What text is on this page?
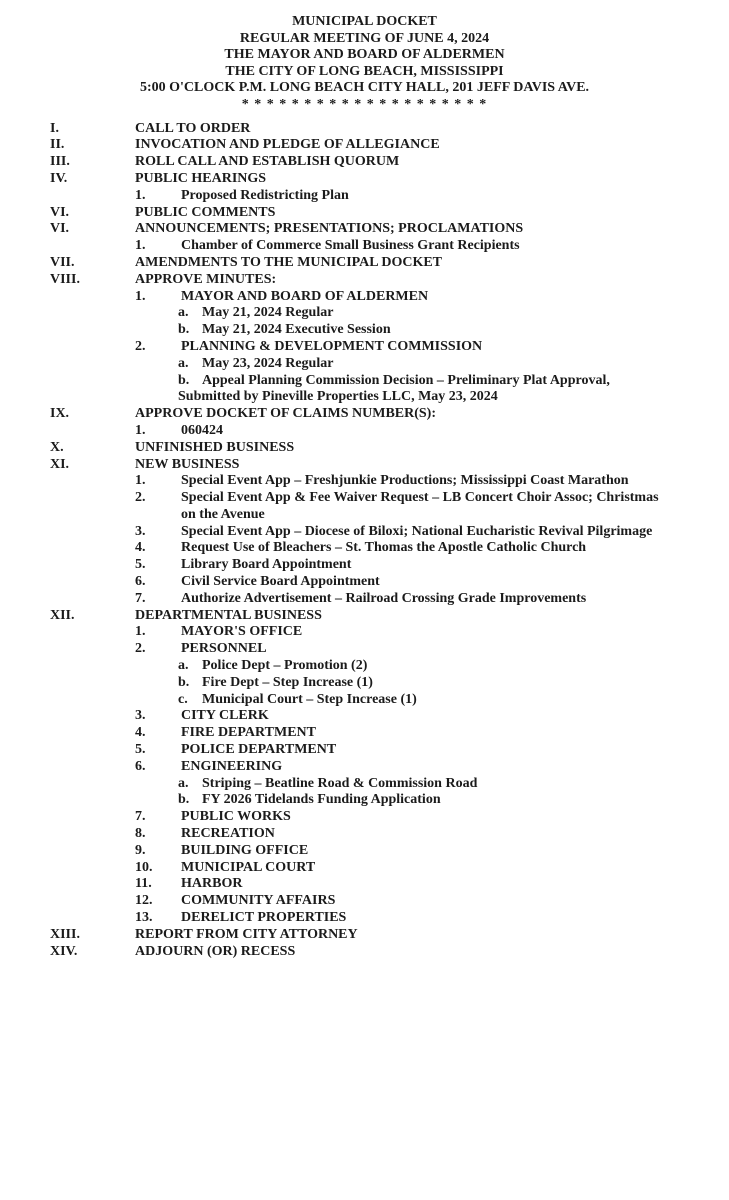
MUNICIPAL DOCKET
REGULAR MEETING OF JUNE 4, 2024
THE MAYOR AND BOARD OF ALDERMEN
THE CITY OF LONG BEACH, MISSISSIPPI
5:00 O'CLOCK P.M. LONG BEACH CITY HALL, 201 JEFF DAVIS AVE.
* * * * * * * * * * * * * * * * * * * *
I.	CALL TO ORDER
II.	INVOCATION AND PLEDGE OF ALLEGIANCE
III.	ROLL CALL AND ESTABLISH QUORUM
IV.	PUBLIC HEARINGS
1.	Proposed Redistricting Plan
VI.	PUBLIC COMMENTS
VI.	ANNOUNCEMENTS; PRESENTATIONS; PROCLAMATIONS
1.	Chamber of Commerce Small Business Grant Recipients
VII.	AMENDMENTS TO THE MUNICIPAL DOCKET
VIII.	APPROVE MINUTES:
1.	MAYOR AND BOARD OF ALDERMEN
a. May 21, 2024 Regular
b. May 21, 2024 Executive Session
2.	PLANNING & DEVELOPMENT COMMISSION
a. May 23, 2024 Regular
b. Appeal Planning Commission Decision – Preliminary Plat Approval,
Submitted by Pineville Properties LLC, May 23, 2024
IX.	APPROVE DOCKET OF CLAIMS NUMBER(S):
1.	060424
X.	UNFINISHED BUSINESS
XI.	NEW BUSINESS
1.	Special Event App – Freshjunkie Productions; Mississippi Coast Marathon
2.	Special Event App & Fee Waiver Request – LB Concert Choir Assoc; Christmas
on the Avenue
3.	Special Event App – Diocese of Biloxi; National Eucharistic Revival Pilgrimage
4.	Request Use of Bleachers – St. Thomas the Apostle Catholic Church
5.	Library Board Appointment
6.	Civil Service Board Appointment
7.	Authorize Advertisement – Railroad Crossing Grade Improvements
XII.	DEPARTMENTAL BUSINESS
1.	MAYOR'S OFFICE
2.	PERSONNEL
a. Police Dept – Promotion (2)
b. Fire Dept – Step Increase (1)
c.	Municipal Court – Step Increase (1)
3.	CITY CLERK
4.	FIRE DEPARTMENT
5.	POLICE DEPARTMENT
6.	ENGINEERING
a. Striping – Beatline Road & Commission Road
b. FY 2026 Tidelands Funding Application
7.	PUBLIC WORKS
8.	RECREATION
9.	BUILDING OFFICE
10.	MUNICIPAL COURT
11.	HARBOR
12.	COMMUNITY AFFAIRS
13.	DERELICT PROPERTIES
XIII.	REPORT FROM CITY ATTORNEY
XIV.	ADJOURN (OR) RECESS
